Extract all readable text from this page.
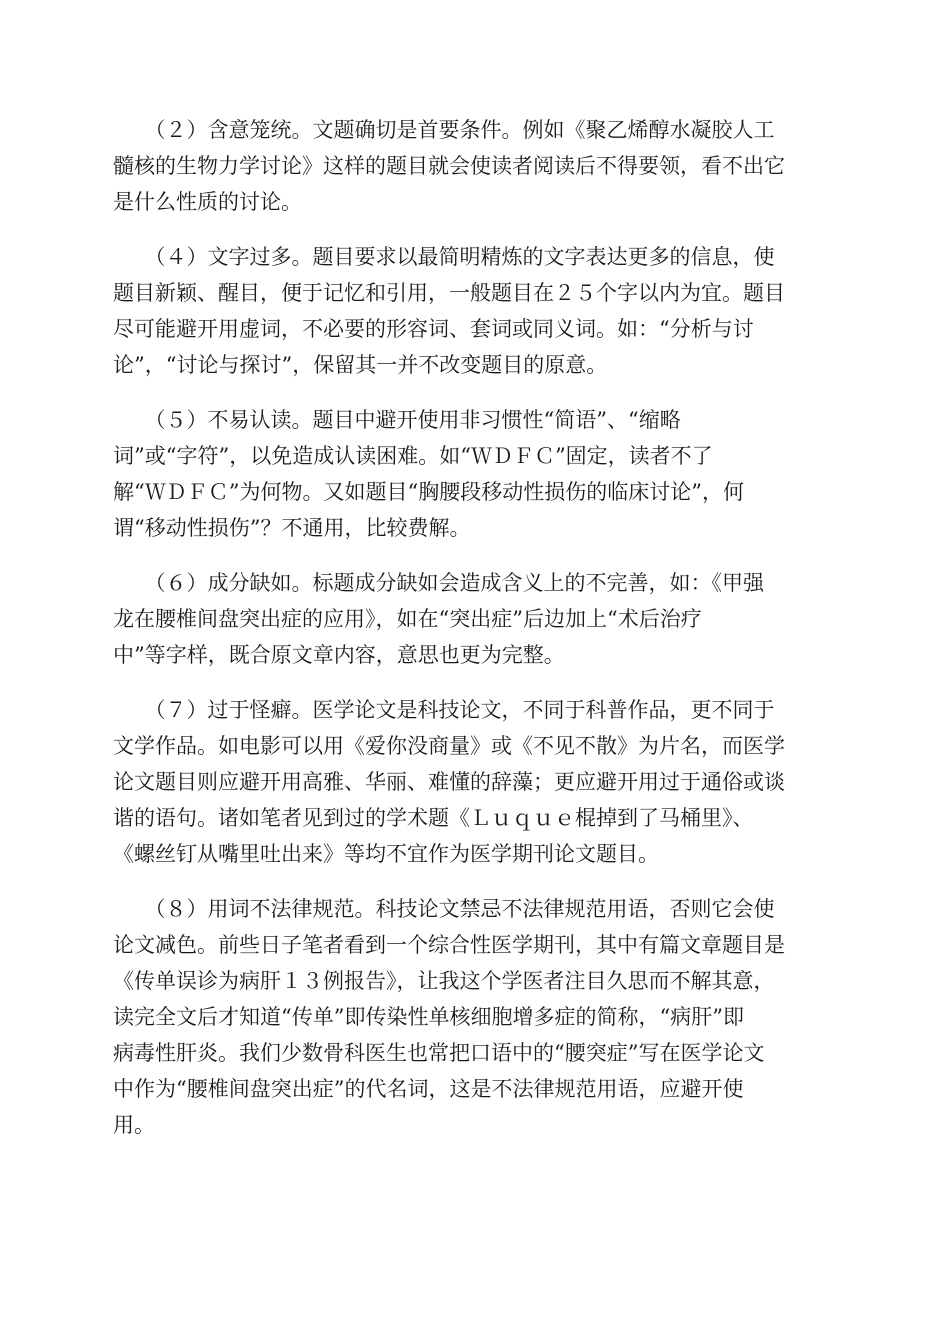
　　（２）含意笼统。文题确切是首要条件。例如《聚乙烯醇水凝胶人工
髓核的生物力学讨论》这样的题目就会使读者阅读后不得要领，看不出它
是什么性质的讨论。
　　（４）文字过多。题目要求以最简明精炼的文字表达更多的信息，使
题目新颖、醒目，便于记忆和引用，一般题目在２５个字以内为宜。题目
尽可能避开用虚词，不必要的形容词、套词或同义词。如：“分析与讨
论”，“讨论与探讨”，保留其一并不改变题目的原意。
　　（５）不易认读。题目中避开使用非习惯性“简语”、“缩略
词”或“字符”，以免造成认读困难。如“ＷＤＦＣ”固定，读者不了
解“ＷＤＦＣ”为何物。又如题目“胸腰段移动性损伤的临床讨论”，何
谓“移动性损伤”？不通用，比较费解。
　　（６）成分缺如。标题成分缺如会造成含义上的不完善，如：《甲强
龙在腰椎间盘突出症的应用》，如在“突出症”后边加上“术后治疗
中”等字样，既合原文章内容，意思也更为完整。
　　（７）过于怪癖。医学论文是科技论文，不同于科普作品，更不同于
文学作品。如电影可以用《爱你没商量》或《不见不散》为片名，而医学
论文题目则应避开用高雅、华丽、难懂的辞藻；更应避开用过于通俗或谈
谐的语句。诸如笔者见到过的学术题《Ｌｕｑｕｅ棍掉到了马桶里》、
《螺丝钉从嘴里吐出来》等均不宜作为医学期刊论文题目。
　　（８）用词不法律规范。科技论文禁忌不法律规范用语，否则它会使
论文减色。前些日子笔者看到一个综合性医学期刊，其中有篇文章题目是
《传单误诊为病肝１３例报告》，让我这个学医者注目久思而不解其意，
读完全文后才知道“传单”即传染性单核细胞增多症的简称，“病肝”即
病毒性肝炎。我们少数骨科医生也常把口语中的“腰突症”写在医学论文
中作为“腰椎间盘突出症”的代名词，这是不法律规范用语，应避开使
用。
